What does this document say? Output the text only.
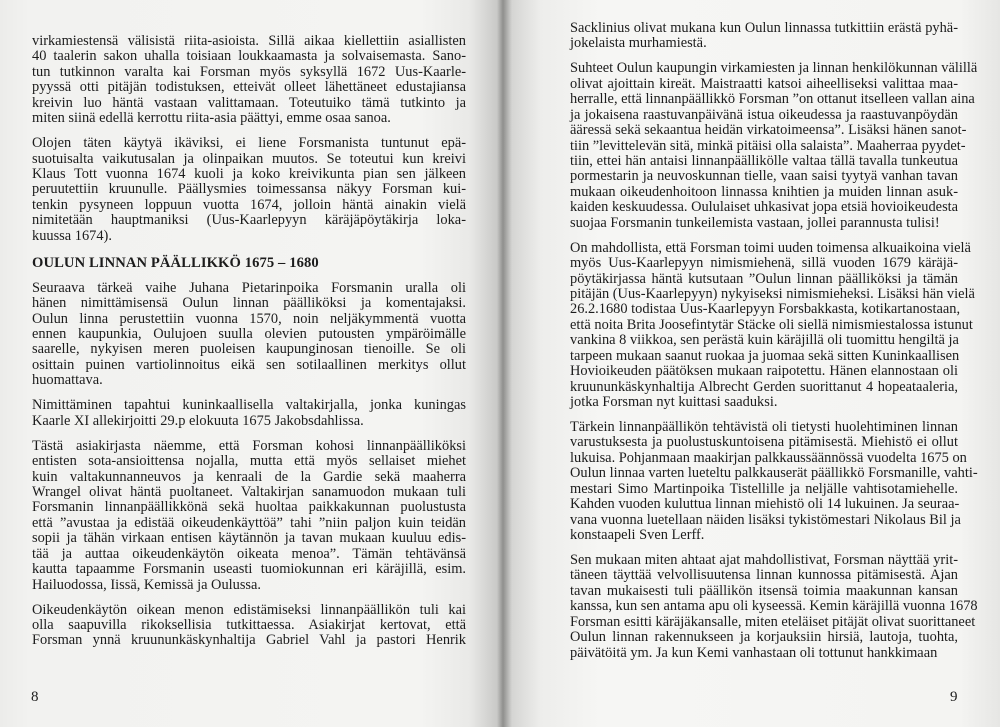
virkamiestensä välisistä riita-asioista. Sillä aikaa kiellettiin asiallisten
40 taalerin sakon uhalla toisiaan loukkaamasta ja solvaisemasta. Sano-
tun tutkinnon varalta kai Forsman myös syksyllä 1672 Uus-Kaarle-
pyyssä otti pitäjän todistuksen, etteivät olleet lähettäneet edustajiansa
kreivin luo häntä vastaan valittamaan. Toteutuiko tämä tutkinto ja
miten siinä edellä kerrottu riita-asia päättyi, emme osaa sanoa.
Olojen täten käytyä ikäviksi, ei liene Forsmanista tuntunut epä-
suotuisalta vaikutusalan ja olinpaikan muutos. Se toteutui kun kreivi
Klaus Tott vuonna 1674 kuoli ja koko kreivikunta pian sen jälkeen
peruutettiin kruunulle. Päällysmies toimessansa näkyy Forsman kui-
tenkin pysyneen loppuun vuotta 1674, jolloin häntä ainakin vielä
nimitetään hauptmaniksi (Uus-Kaarlepyyn käräjäpöytäkirja loka-
kuussa 1674).
OULUN LINNAN PÄÄLLIKKÖ 1675 – 1680
Seuraava tärkeä vaihe Juhana Pietarinpoika Forsmanin uralla oli
hänen nimittämisensä Oulun linnan päälliköksi ja komentajaksi.
Oulun linna perustettiin vuonna 1570, noin neljäkymmentä vuotta
ennen kaupunkia, Oulujoen suulla olevien putousten ympäröimälle
saarelle, nykyisen meren puoleisen kaupunginosan tienoille. Se oli
osittain puinen vartiolinnoitus eikä sen sotilaallinen merkitys ollut
huomattava.
Nimittäminen tapahtui kuninkaallisella valtakirjalla, jonka kuningas
Kaarle XI allekirjoitti 29.p elokuuta 1675 Jakobsdahlissa.
Tästä asiakirjasta näemme, että Forsman kohosi linnanpäälliköksi
entisten sota-ansioittensa nojalla, mutta että myös sellaiset miehet
kuin valtakunnanneuvos ja kenraali de la Gardie sekä maaherra
Wrangel olivat häntä puoltaneet. Valtakirjan sanamuodon mukaan tuli
Forsmanin linnanpäällikkönä sekä huoltaa paikkakunnan puolustusta
että ”avustaa ja edistää oikeudenkäyttöä” tahi ”niin paljon kuin teidän
sopii ja tähän virkaan entisen käytännön ja tavan mukaan kuuluu edis-
tää ja auttaa oikeudenkäytön oikeata menoa”. Tämän tehtävänsä
kautta tapaamme Forsmanin useasti tuomiokunnan eri käräjillä, esim.
Hailuodossa, Iissä, Kemissä ja Oulussa.
Oikeudenkäytön oikean menon edistämiseksi linnanpäällikön tuli kai
olla saapuvilla rikoksellisia tutkittaessa. Asiakirjat kertovat, että
Forsman ynnä kruununkäskynhaltija Gabriel Vahl ja pastori Henrik
Sacklinius olivat mukana kun Oulun linnassa tutkittiin erästä pyhä-
jokelaista murhamiestä.
Suhteet Oulun kaupungin virkamiesten ja linnan henkilökunnan välillä
olivat ajoittain kireät. Maistraatti katsoi aiheelliseksi valittaa maa-
herralle, että linnanpäällikkö Forsman ”on ottanut itselleen vallan aina
ja jokaisena raastuvanpäivänä istua oikeudessa ja raastuvanpöydän
ääressä sekä sekaantua heidän virkatoimeensa”. Lisäksi hänen sanot-
tiin ”levittelevän sitä, minkä pitäisi olla salaista”. Maaherraa pyydet-
tiin, ettei hän antaisi linnanpäällikölle valtaa tällä tavalla tunkeutua
pormestarin ja neuvoskunnan tielle, vaan saisi tyytyä vanhan tavan
mukaan oikeudenhoitoon linnassa knihtien ja muiden linnan asuk-
kaiden keskuudessa. Oululaiset uhkasivat jopa etsiä hovioikeudesta
suojaa Forsmanin tunkeilemista vastaan, jollei parannusta tulisi!
On mahdollista, että Forsman toimi uuden toimensa alkuaikoina vielä
myös Uus-Kaarlepyyn nimismiehenä, sillä vuoden 1679 käräjä-
pöytäkirjassa häntä kutsutaan ”Oulun linnan päälliköksi ja tämän
pitäjän (Uus-Kaarlepyyn) nykyiseksi nimismieheksi. Lisäksi hän vielä
26.2.1680 todistaa Uus-Kaarlepyyn Forsbakkasta, kotikartanostaan,
että noita Brita Joosefintytär Stäcke oli siellä nimismiestalossa istunut
vankina 8 viikkoa, sen perästä kuin käräjillä oli tuomittu hengiltä ja
tarpeen mukaan saanut ruokaa ja juomaa sekä sitten Kuninkaallisen
Hovioikeuden päätöksen mukaan raipotettu. Hänen elannostaan oli
kruununkäskynhaltija Albrecht Gerden suorittanut 4 hopeataaleria,
jotka Forsman nyt kuittasi saaduksi.
Tärkein linnanpäällikön tehtävistä oli tietysti huolehtiminen linnan
varustuksesta ja puolustuskuntoisena pitämisestä. Miehistö ei ollut
lukuisa. Pohjanmaan maakirjan palkkaussäännössä vuodelta 1675 on
Oulun linnaa varten lueteltu palkkauserät päällikkö Forsmanille, vahti-
mestari Simo Martinpoika Tistellille ja neljälle vahtisotamiehelle.
Kahden vuoden kuluttua linnan miehistö oli 14 lukuinen. Ja seuraa-
vana vuonna luetellaan näiden lisäksi tykistömestari Nikolaus Bil ja
konstaapeli Sven Lerff.
Sen mukaan miten ahtaat ajat mahdollistivat, Forsman näyttää yrit-
täneen täyttää velvollisuutensa linnan kunnossa pitämisestä. Ajan
tavan mukaisesti tuli päällikön itsensä toimia maakunnan kansan
kanssa, kun sen antama apu oli kyseessä. Kemin käräjillä vuonna 1678
Forsman esitti käräjäkansalle, miten eteläiset pitäjät olivat suorittaneet
Oulun linnan rakennukseen ja korjauksiin hirsiä, lautoja, tuohta,
päivätöitä ym. Ja kun Kemi vanhastaan oli tottunut hankkimaan
8	9
